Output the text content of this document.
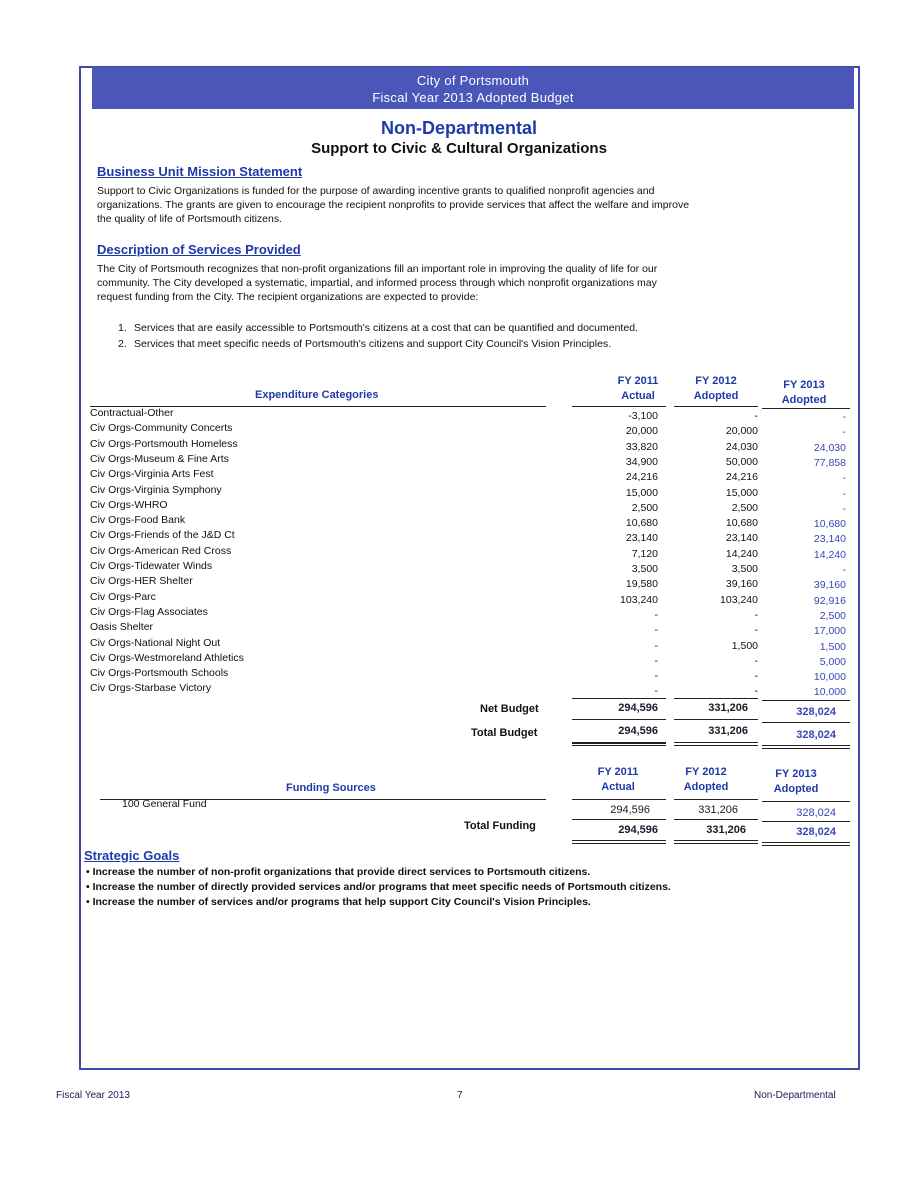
City of Portsmouth
Fiscal Year 2013 Adopted Budget
Non-Departmental
Support to Civic & Cultural Organizations
Business Unit Mission Statement
Support to Civic Organizations is funded for the purpose of awarding incentive grants to qualified nonprofit agencies and
organizations. The grants are given to encourage the recipient nonprofits to provide services that affect the welfare and improve
the quality of life of Portsmouth citizens.
Description of Services Provided
The City of Portsmouth recognizes that non-profit organizations fill an important role in improving the quality of life for our
community. The City developed a systematic, impartial, and informed process through which nonprofit organizations may
request funding from the City. The recipient organizations are expected to provide:
1. Services that are easily accessible to Portsmouth's citizens at a cost that can be quantified and documented.
2. Services that meet specific needs of Portsmouth's citizens and support City Council's Vision Principles.
FY 2011
Actual
FY 2012
Adopted
FY 2013
Adopted
Expenditure Categories
Contractual-Other	-3,100	-	-
Civ Orgs-Community Concerts	20,000	20,000	-
Civ Orgs-Portsmouth Homeless	33,820	24,030	24,030
Civ Orgs-Museum & Fine Arts	34,900	50,000	77,858
Civ Orgs-Virginia Arts Fest	24,216	24,216	-
Civ Orgs-Virginia Symphony	15,000	15,000	-
Civ Orgs-WHRO	2,500	2,500	-
Civ Orgs-Food Bank	10,680	10,680	10,680
Civ Orgs-Friends of the J&D Ct	23,140	23,140	23,140
Civ Orgs-American Red Cross	7,120	14,240	14,240
Civ Orgs-Tidewater Winds	3,500	3,500	-
Civ Orgs-HER Shelter	19,580	39,160	39,160
Civ Orgs-Parc	103,240	103,240	92,916
Civ Orgs-Flag Associates	-	-	2,500
Oasis Shelter	-	-	17,000
Civ Orgs-National Night Out	-	1,500	1,500
Civ Orgs-Westmoreland Athletics	-	-	5,000
Civ Orgs-Portsmouth Schools	-	-	10,000
Civ Orgs-Starbase Victory	-	-	10,000
Net Budget	294,596	331,206	328,024
Total Budget	294,596	331,206	328,024
FY 2011
Actual
FY 2012
Adopted
FY 2013
Adopted
Funding Sources
100 General Fund	294,596	331,206	328,024
Total Funding	294,596	331,206	328,024
Strategic Goals
• Increase the number of non-profit organizations that provide direct services to Portsmouth citizens.
• Increase the number of directly provided services and/or programs that meet specific needs of Portsmouth citizens.
• Increase the number of services and/or programs that help support City Council's Vision Principles.
Fiscal Year 2013	7	Non-Departmental
